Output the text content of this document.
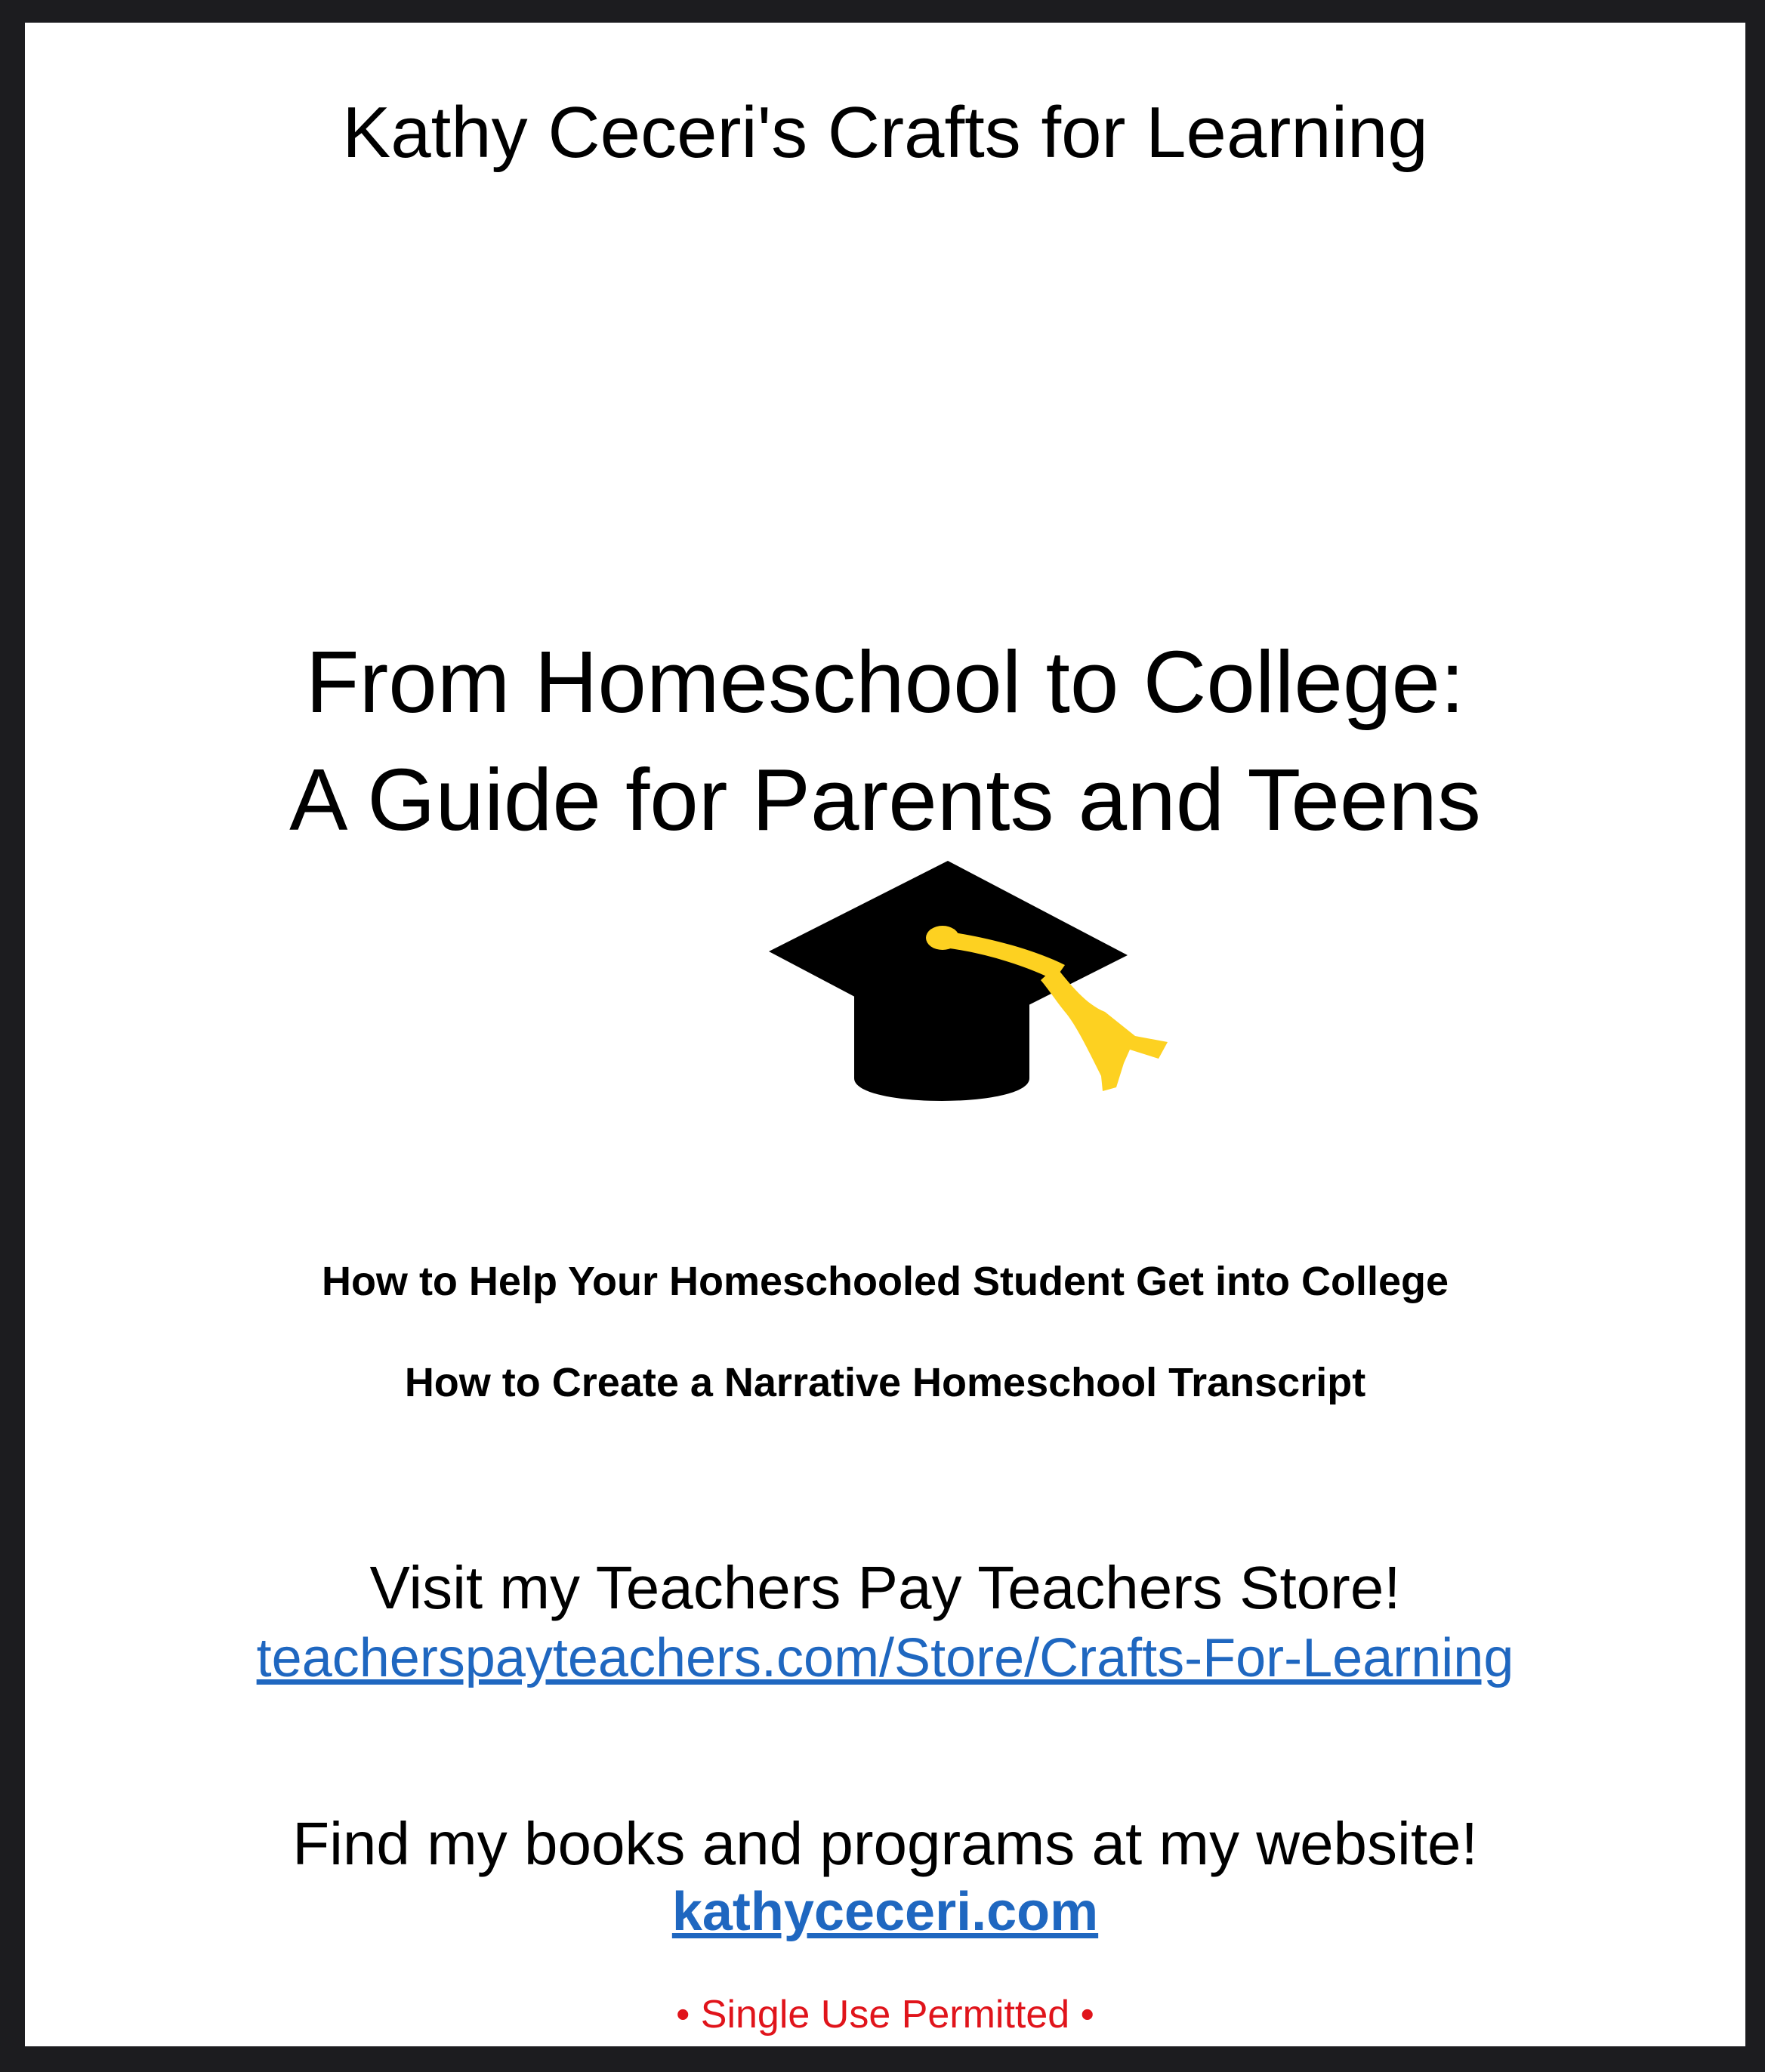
Kathy Ceceri's Crafts for Learning
From Homeschool to College:
A Guide for Parents and Teens
How to Help Your Homeschooled Student Get into College
How to Create a Narrative Homeschool Transcript
Visit my Teachers Pay Teachers Store!
teacherspayteachers.com/Store/Crafts-For-Learning
Find my books and programs at my website!
kathyceceri.com
• Single Use Permitted •
